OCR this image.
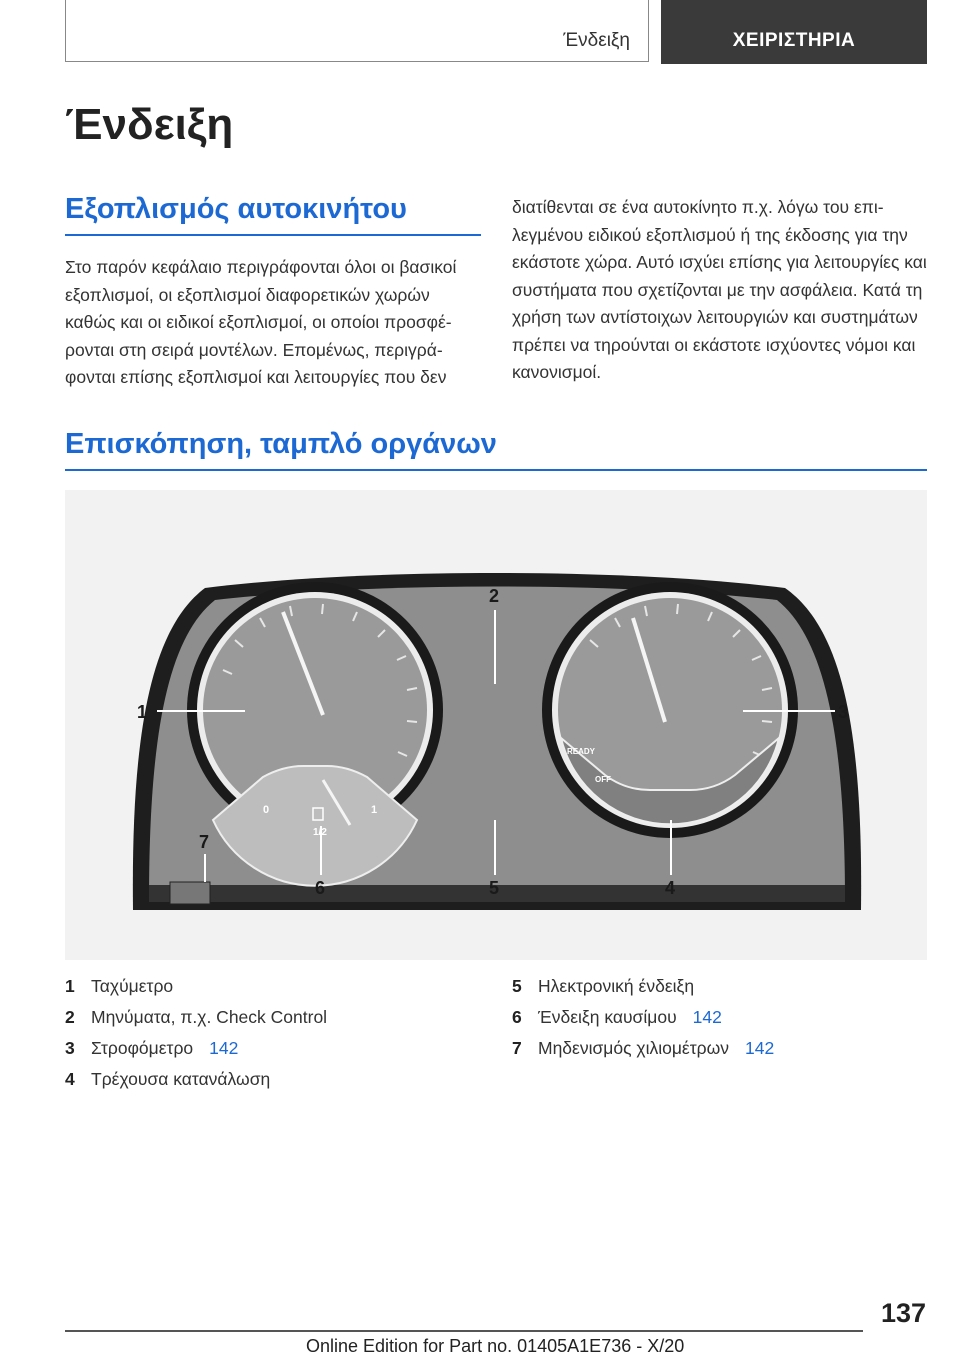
Ένδειξη	ΧΕΙΡΙΣΤΗΡΙΑ
Ένδειξη
Εξοπλισμός αυτοκινήτου

Στο παρόν κεφάλαιο περιγράφονται όλοι οι βασικοί εξοπλισμοί, οι εξοπλισμοί διαφορετικών χωρών καθώς και οι ειδικοί εξοπλισμοί, οι οποίοι προσφέρονται στη σειρά μοντέλων. Επομένως, περιγράφονται επίσης εξοπλισμοί και λειτουργίες που δεν

διατίθενται σε ένα αυτοκίνητο π.χ. λόγω του επιλεγμένου ειδικού εξοπλισμού ή της έκδοσης για την εκάστοτε χώρα. Αυτό ισχύει επίσης για λειτουργίες και συστήματα που σχετίζονται με την ασφάλεια. Κατά τη χρήση των αντίστοιχων λειτουργιών και συστημάτων πρέπει να τηρούνται οι εκάστοτε ισχύοντες νόμοι και κανονισμοί.

Επισκόπηση, ταμπλό οργάνων
0	1
1/2
READY
OFF
1
2
3
4
5
6
7
1 Ταχύμετρο
2 Μηνύματα, π.χ. Check Control
3 Στροφόμετρο 142
4 Τρέχουσα κατανάλωση
5 Ηλεκτρονική ένδειξη
6 Ένδειξη καυσίμου 142
7 Μηδενισμός χιλιομέτρων 142
137
Online Edition for Part no. 01405A1E736 - X/20
